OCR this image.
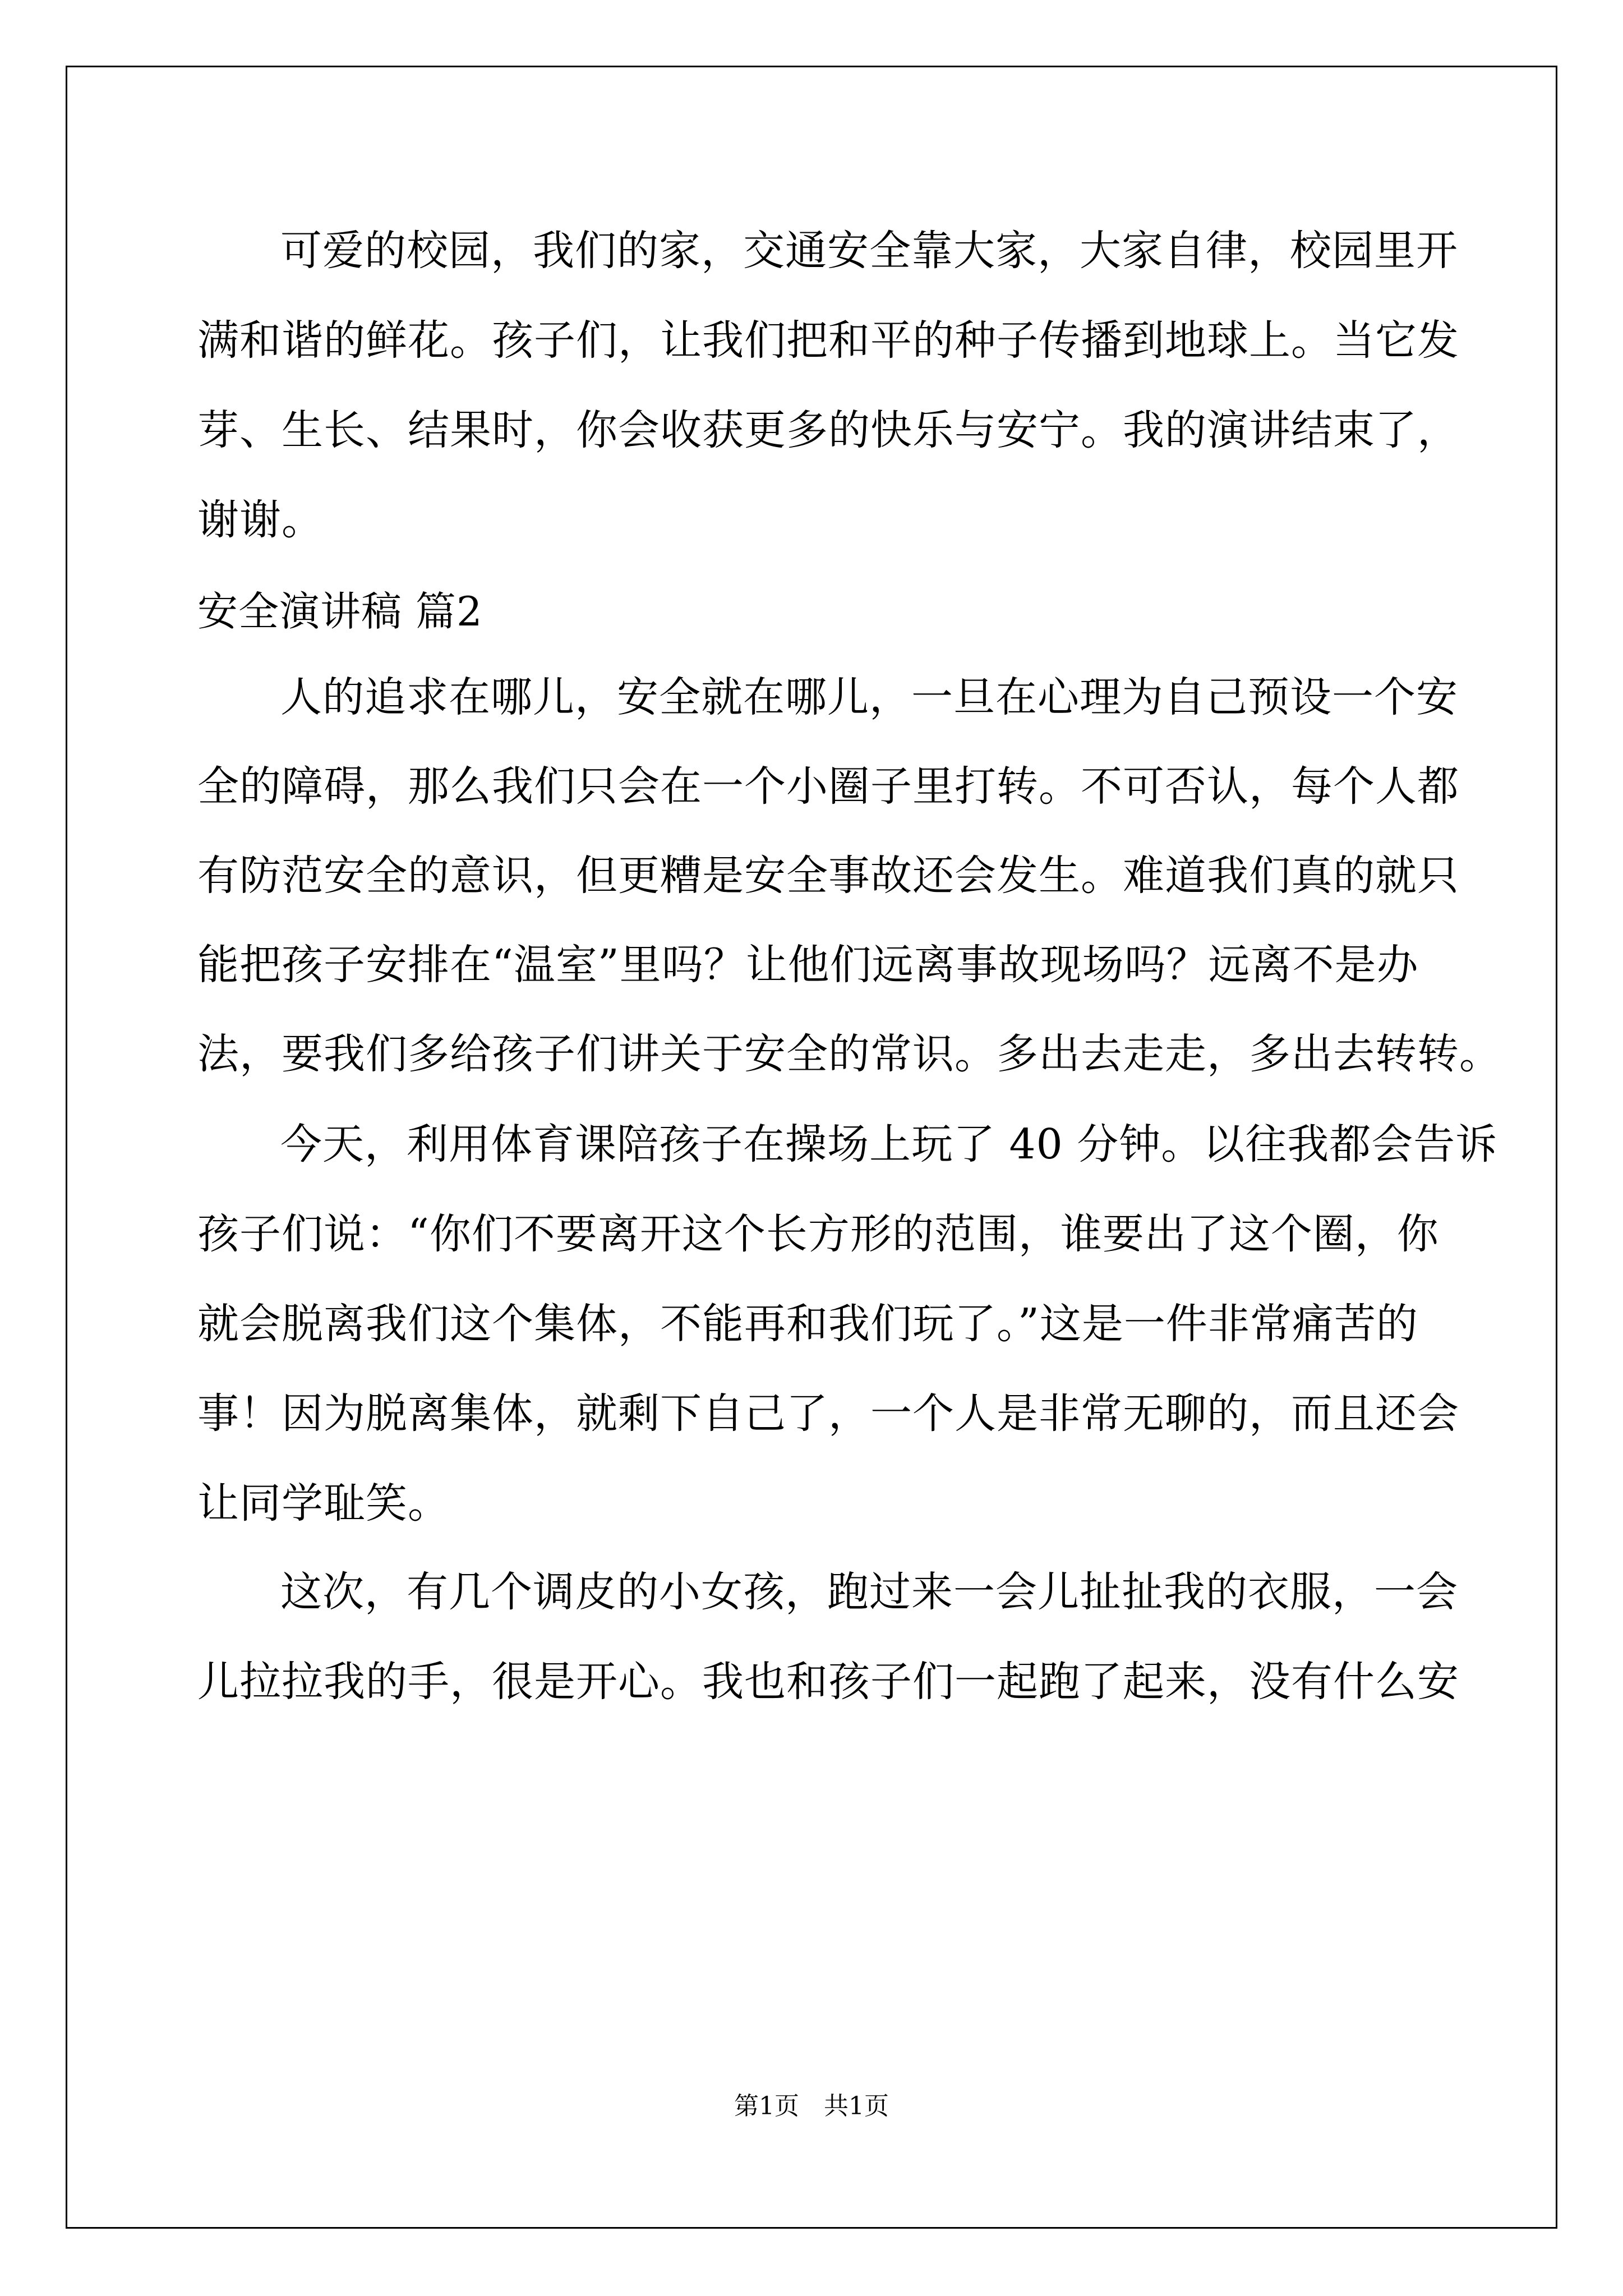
可爱的校园，我们的家，交通安全靠大家，大家自律，校园里开
满和谐的鲜花。孩子们，让我们把和平的种子传播到地球上。当它发
芽、生长、结果时，你会收获更多的快乐与安宁。我的演讲结束了，
谢谢。
安全演讲稿 篇2
人的追求在哪儿，安全就在哪儿，一旦在心理为自己预设一个安
全的障碍，那么我们只会在一个小圈子里打转。不可否认，每个人都
有防范安全的意识，但更糟是安全事故还会发生。难道我们真的就只
能把孩子安排在“温室”里吗？让他们远离事故现场吗？远离不是办
法，要我们多给孩子们讲关于安全的常识。多出去走走，多出去转转。
今天，利用体育课陪孩子在操场上玩了 40 分钟。以往我都会告诉
孩子们说：“你们不要离开这个长方形的范围，谁要出了这个圈，你
就会脱离我们这个集体，不能再和我们玩了。”这是一件非常痛苦的
事！因为脱离集体，就剩下自己了，一个人是非常无聊的，而且还会
让同学耻笑。
这次，有几个调皮的小女孩，跑过来一会儿扯扯我的衣服，一会
儿拉拉我的手，很是开心。我也和孩子们一起跑了起来，没有什么安
第1页　共1页
